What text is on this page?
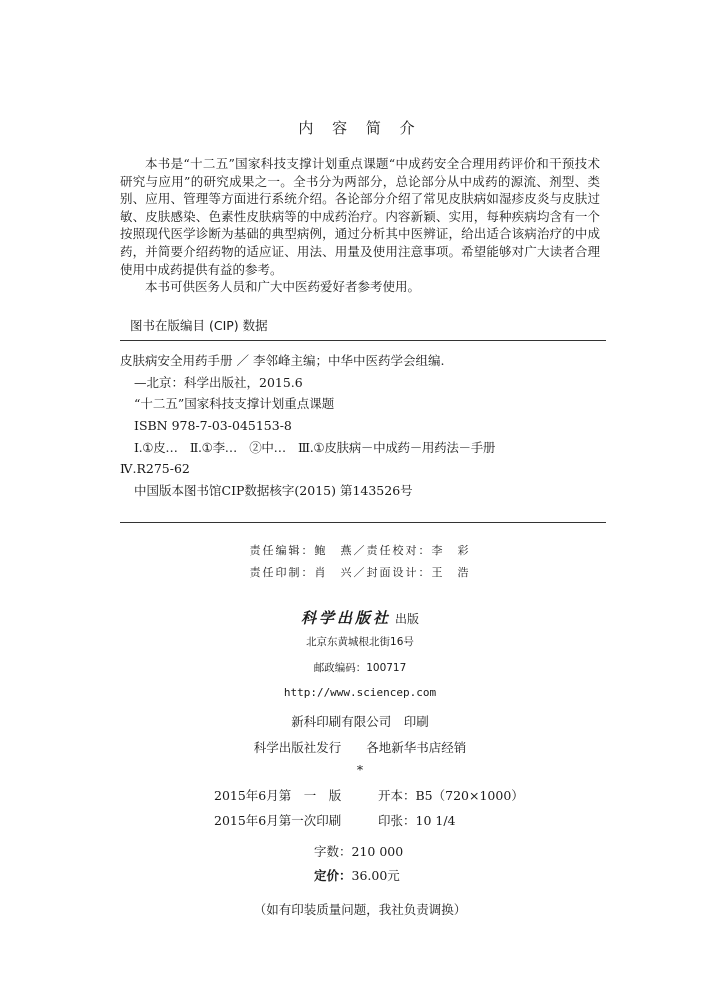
内 容 简 介

本书是“十二五”国家科技支撑计划重点课题“中成药安全合理用药评价和干预技术研究与应用”的研究成果之一。全书分为两部分，总论部分从中成药的源流、剂型、类别、应用、管理等方面进行系统介绍。各论部分介绍了常见皮肤病如湿疹皮炎与皮肤过敏、皮肤感染、色素性皮肤病等的中成药治疗。内容新颖、实用，每种疾病均含有一个按照现代医学诊断为基础的典型病例，通过分析其中医辨证，给出适合该病治疗的中成药，并简要介绍药物的适应证、用法、用量及使用注意事项。希望能够对广大读者合理使用中成药提供有益的参考。

本书可供医务人员和广大中医药爱好者参考使用。

图书在版编目 (CIP) 数据
皮肤病安全用药手册 ／ 李邻峰主编；中华中医药学会组编.
—北京：科学出版社，2015.6
“十二五”国家科技支撑计划重点课题
ISBN 978-7-03-045153-8
Ⅰ.①皮…　Ⅱ.①李…　②中…　Ⅲ.①皮肤病－中成药－用药法－手册
Ⅳ.R275-62
中国版本图书馆CIP数据核字(2015) 第143526号
责任编辑：鲍　燕／责任校对：李　彩
责任印制：肖　兴／封面设计：王　浩
科学出版社 出版
北京东黄城根北街16号
邮政编码：100717
http://www.sciencep.com
新科印刷有限公司　印刷
科学出版社发行　　各地新华书店经销
*
2015年6月第　一　版	开本：B5（720×1000）
2015年6月第一次印刷	印张：10 1/4
字数：210 000
定价：36.00元
（如有印装质量问题，我社负责调换）
